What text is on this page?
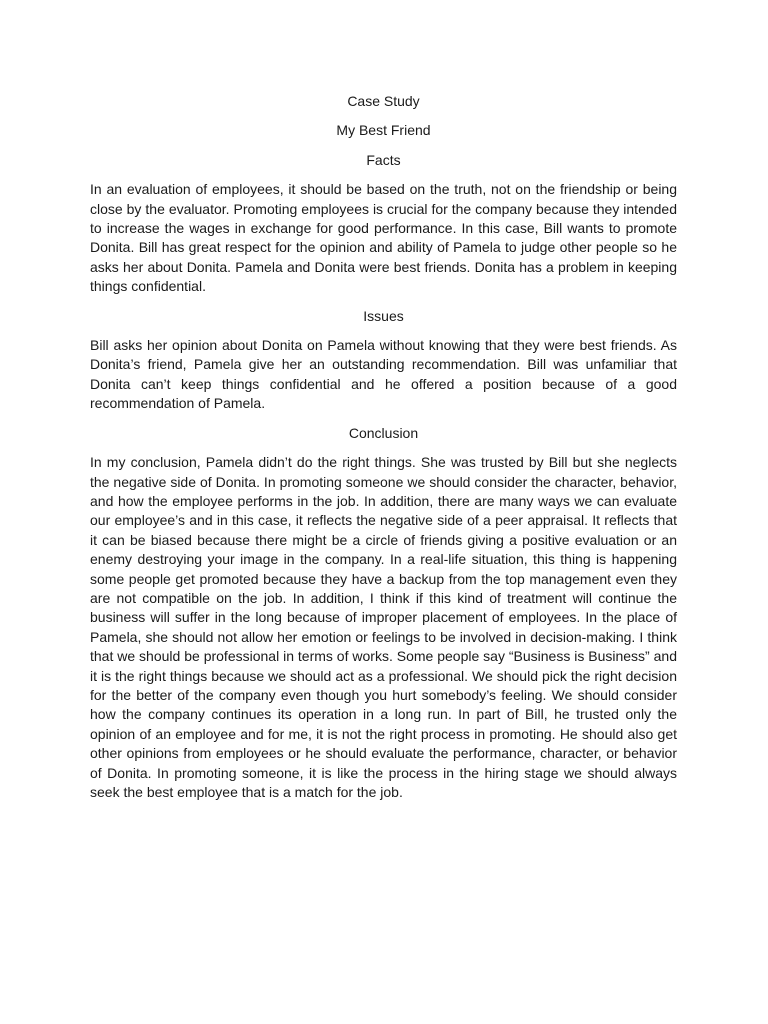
Case Study

My Best Friend

Facts

In an evaluation of employees, it should be based on the truth, not on the friendship or being close by the evaluator. Promoting employees is crucial for the company because they intended to increase the wages in exchange for good performance. In this case, Bill wants to promote Donita. Bill has great respect for the opinion and ability of Pamela to judge other people so he asks her about Donita. Pamela and Donita were best friends. Donita has a problem in keeping things confidential.

Issues

Bill asks her opinion about Donita on Pamela without knowing that they were best friends. As Donita’s friend, Pamela give her an outstanding recommendation. Bill was unfamiliar that Donita can’t keep things confidential and he offered a position because of a good recommendation of Pamela.

Conclusion

In my conclusion, Pamela didn’t do the right things. She was trusted by Bill but she neglects the negative side of Donita. In promoting someone we should consider the character, behavior, and how the employee performs in the job. In addition, there are many ways we can evaluate our employee’s and in this case, it reflects the negative side of a peer appraisal. It reflects that it can be biased because there might be a circle of friends giving a positive evaluation or an enemy destroying your image in the company. In a real-life situation, this thing is happening some people get promoted because they have a backup from the top management even they are not compatible on the job. In addition, I think if this kind of treatment will continue the business will suffer in the long because of improper placement of employees. In the place of Pamela, she should not allow her emotion or feelings to be involved in decision-making. I think that we should be professional in terms of works. Some people say “Business is Business” and it is the right things because we should act as a professional. We should pick the right decision for the better of the company even though you hurt somebody’s feeling. We should consider how the company continues its operation in a long run. In part of Bill, he trusted only the opinion of an employee and for me, it is not the right process in promoting. He should also get other opinions from employees or he should evaluate the performance, character, or behavior of Donita. In promoting someone, it is like the process in the hiring stage we should always seek the best employee that is a match for the job.
